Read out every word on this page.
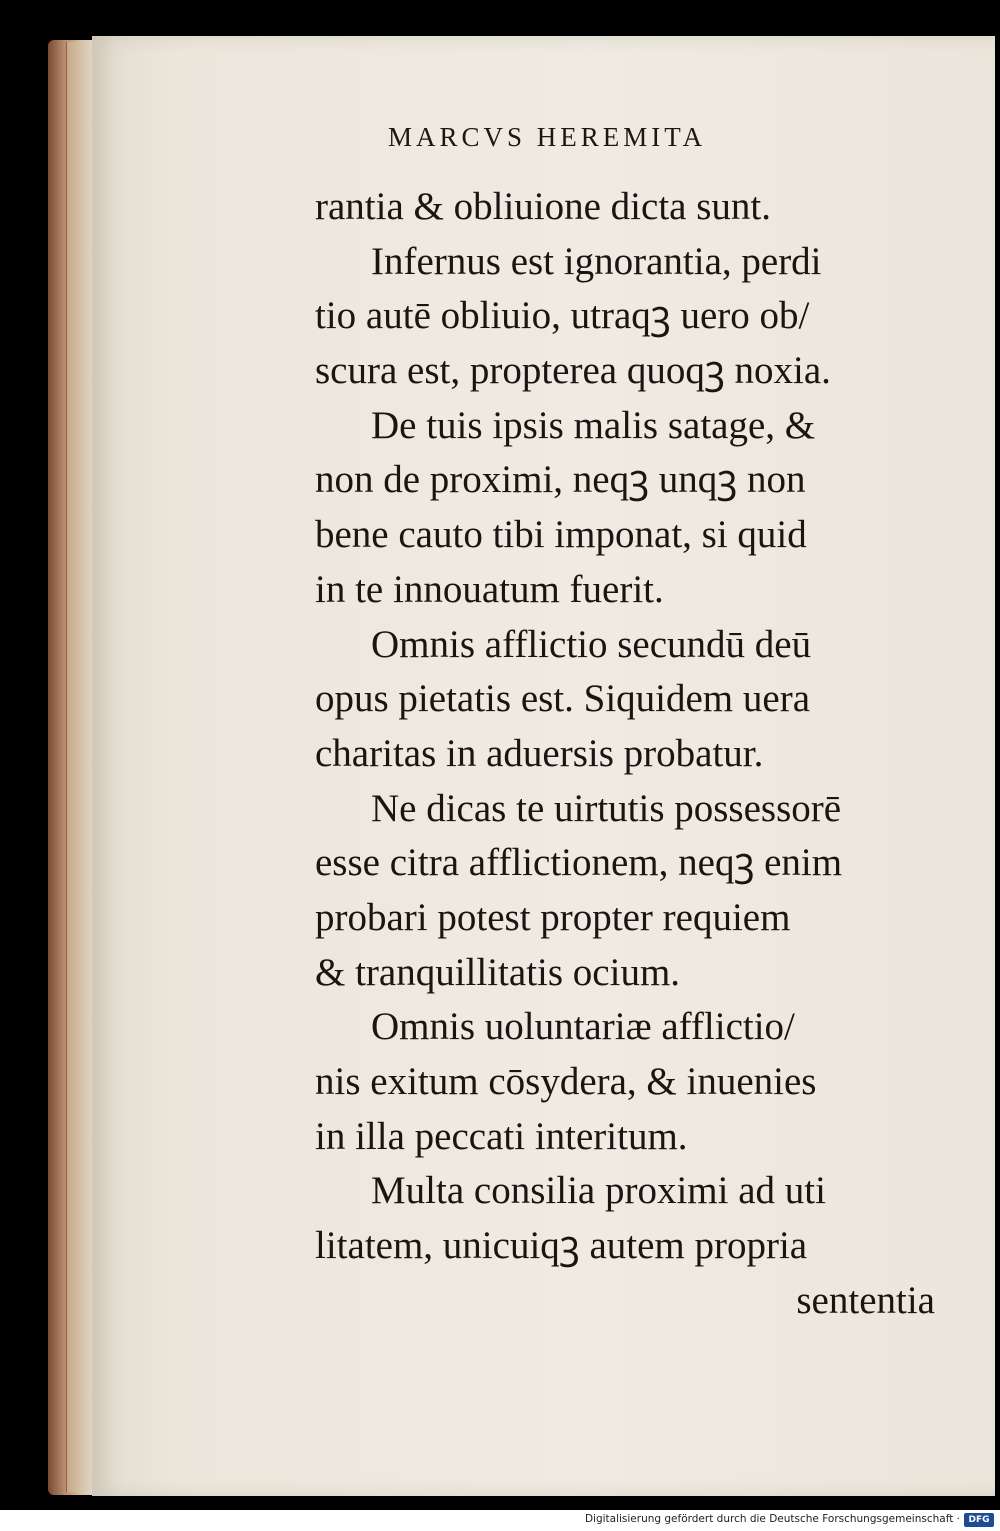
MARCVS HEREMITA
rantia & obliuione dicta sunt.
Infernus est ignorantia, perdi
tio autē obliuio, utraqꝫ uero ob/
scura est, propterea quoqꝫ noxia.
De tuis ipsis malis satage, &
non de proximi, neqꝫ unqꝫ non
bene cauto tibi imponat, si quid
in te innouatum fuerit.
Omnis afflictio secundū deū
opus pietatis est. Siquidem uera
charitas in aduersis probatur.
Ne dicas te uirtutis possessorē
esse citra afflictionem, neqꝫ enim
probari potest propter requiem
& tranquillitatis ocium.
Omnis uoluntariæ afflictio/
nis exitum cōsydera, & inuenies
in illa peccati interitum.
Multa consilia proximi ad uti
litatem, unicuiqꝫ autem propria
sententia
Digitalisierung gefördert durch die Deutsche Forschungsgemeinschaft · DFG
